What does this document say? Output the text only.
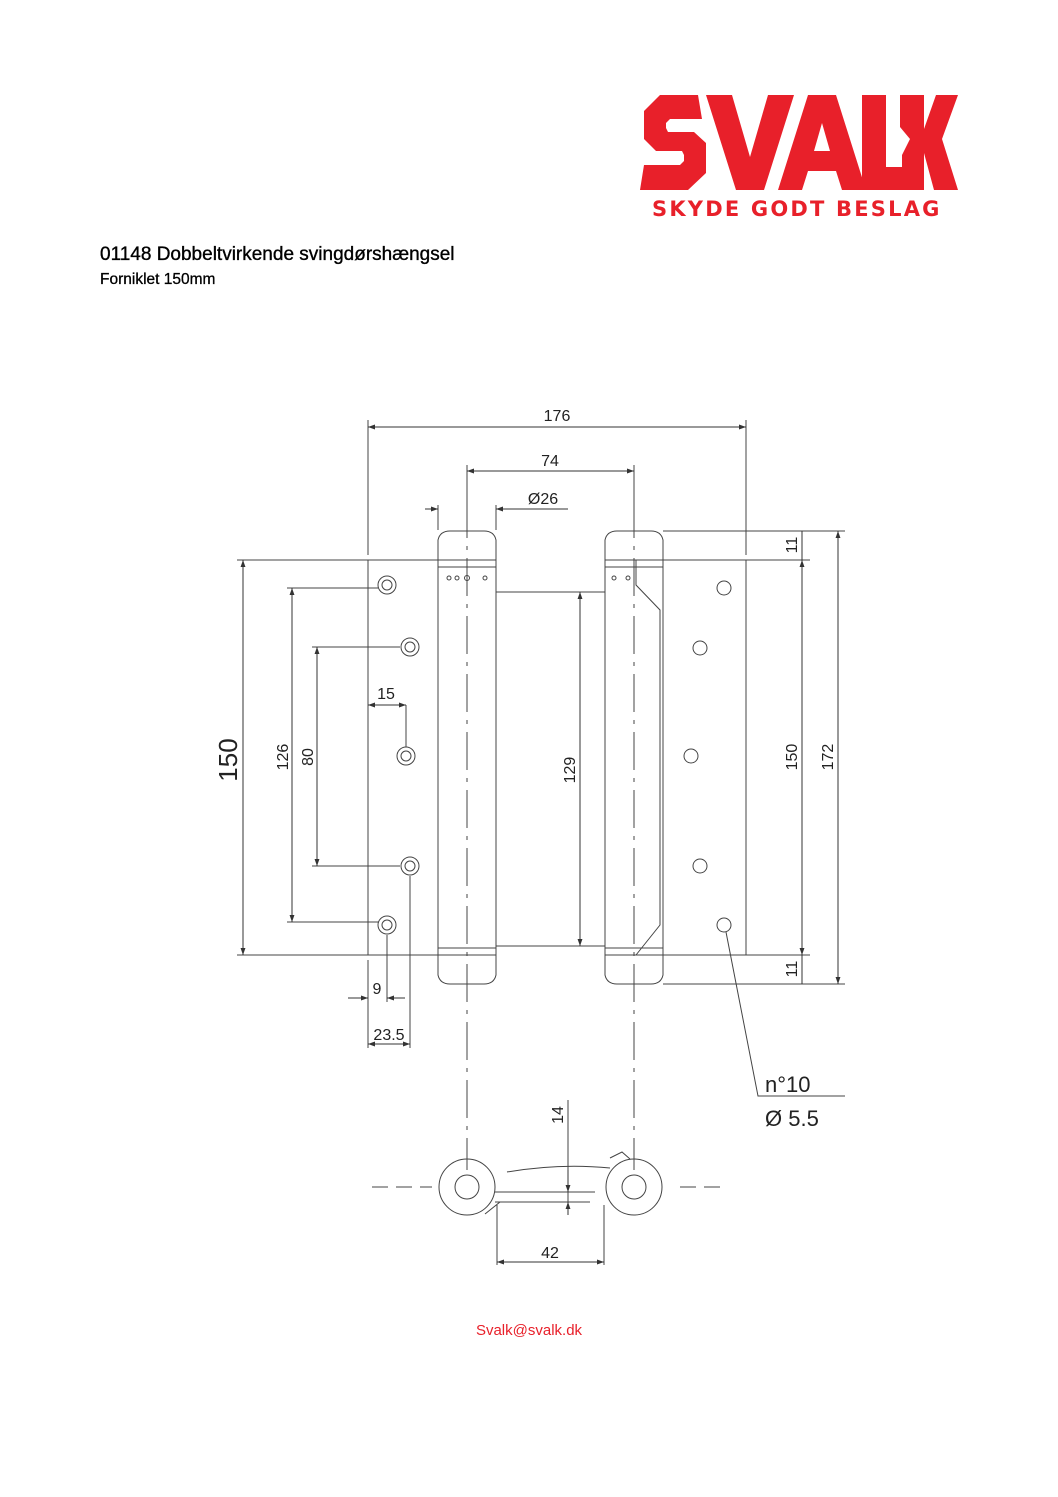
SKYDE GODT BESLAG
01148 Dobbeltvirkende svingdørshængsel
Forniklet 150mm
176
74
Ø26
150 126 80
15
129	150 172
11
11
9
23.5
14
42
n°10
Ø 5.5
Svalk@svalk.dk
